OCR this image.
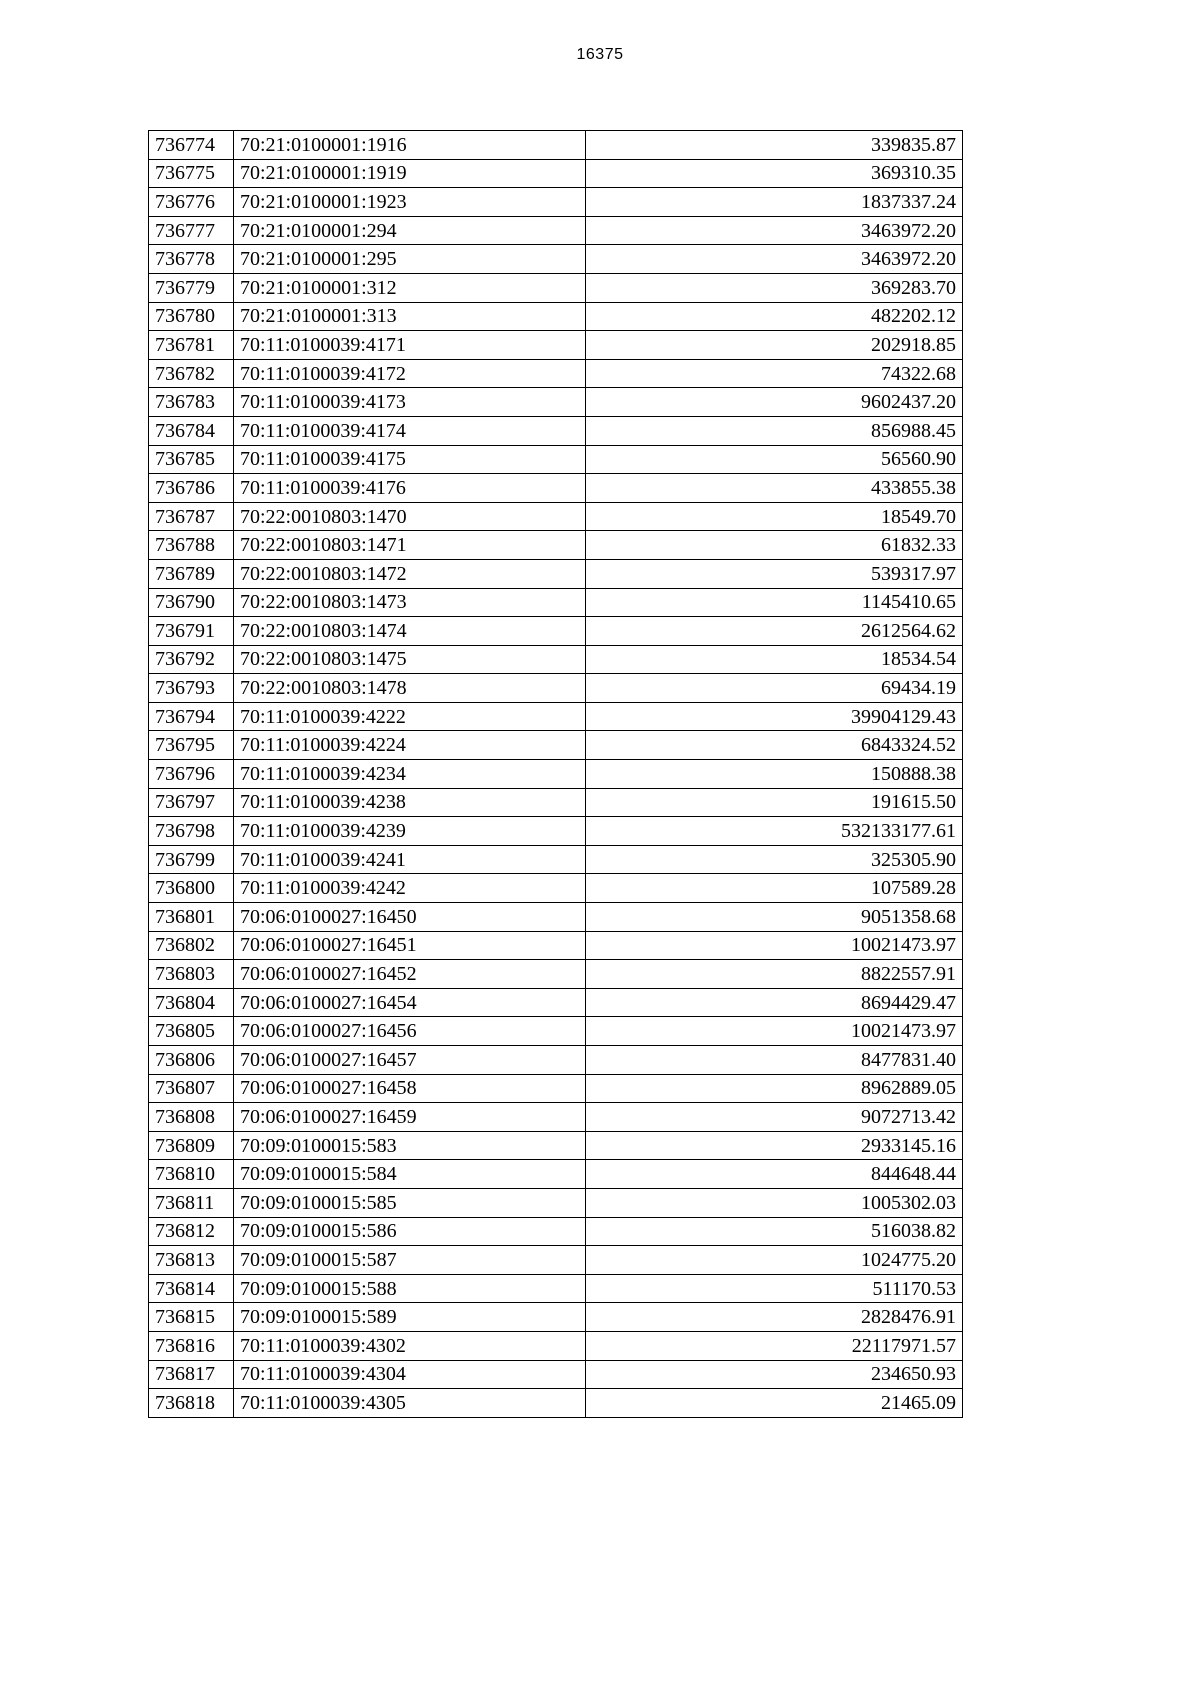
16375
736774	70:21:0100001:1916	339835.87
736775	70:21:0100001:1919	369310.35
736776	70:21:0100001:1923	1837337.24
736777	70:21:0100001:294	3463972.20
736778	70:21:0100001:295	3463972.20
736779	70:21:0100001:312	369283.70
736780	70:21:0100001:313	482202.12
736781	70:11:0100039:4171	202918.85
736782	70:11:0100039:4172	74322.68
736783	70:11:0100039:4173	9602437.20
736784	70:11:0100039:4174	856988.45
736785	70:11:0100039:4175	56560.90
736786	70:11:0100039:4176	433855.38
736787	70:22:0010803:1470	18549.70
736788	70:22:0010803:1471	61832.33
736789	70:22:0010803:1472	539317.97
736790	70:22:0010803:1473	1145410.65
736791	70:22:0010803:1474	2612564.62
736792	70:22:0010803:1475	18534.54
736793	70:22:0010803:1478	69434.19
736794	70:11:0100039:4222	39904129.43
736795	70:11:0100039:4224	6843324.52
736796	70:11:0100039:4234	150888.38
736797	70:11:0100039:4238	191615.50
736798	70:11:0100039:4239	532133177.61
736799	70:11:0100039:4241	325305.90
736800	70:11:0100039:4242	107589.28
736801	70:06:0100027:16450	9051358.68
736802	70:06:0100027:16451	10021473.97
736803	70:06:0100027:16452	8822557.91
736804	70:06:0100027:16454	8694429.47
736805	70:06:0100027:16456	10021473.97
736806	70:06:0100027:16457	8477831.40
736807	70:06:0100027:16458	8962889.05
736808	70:06:0100027:16459	9072713.42
736809	70:09:0100015:583	2933145.16
736810	70:09:0100015:584	844648.44
736811	70:09:0100015:585	1005302.03
736812	70:09:0100015:586	516038.82
736813	70:09:0100015:587	1024775.20
736814	70:09:0100015:588	511170.53
736815	70:09:0100015:589	2828476.91
736816	70:11:0100039:4302	22117971.57
736817	70:11:0100039:4304	234650.93
736818	70:11:0100039:4305	21465.09
